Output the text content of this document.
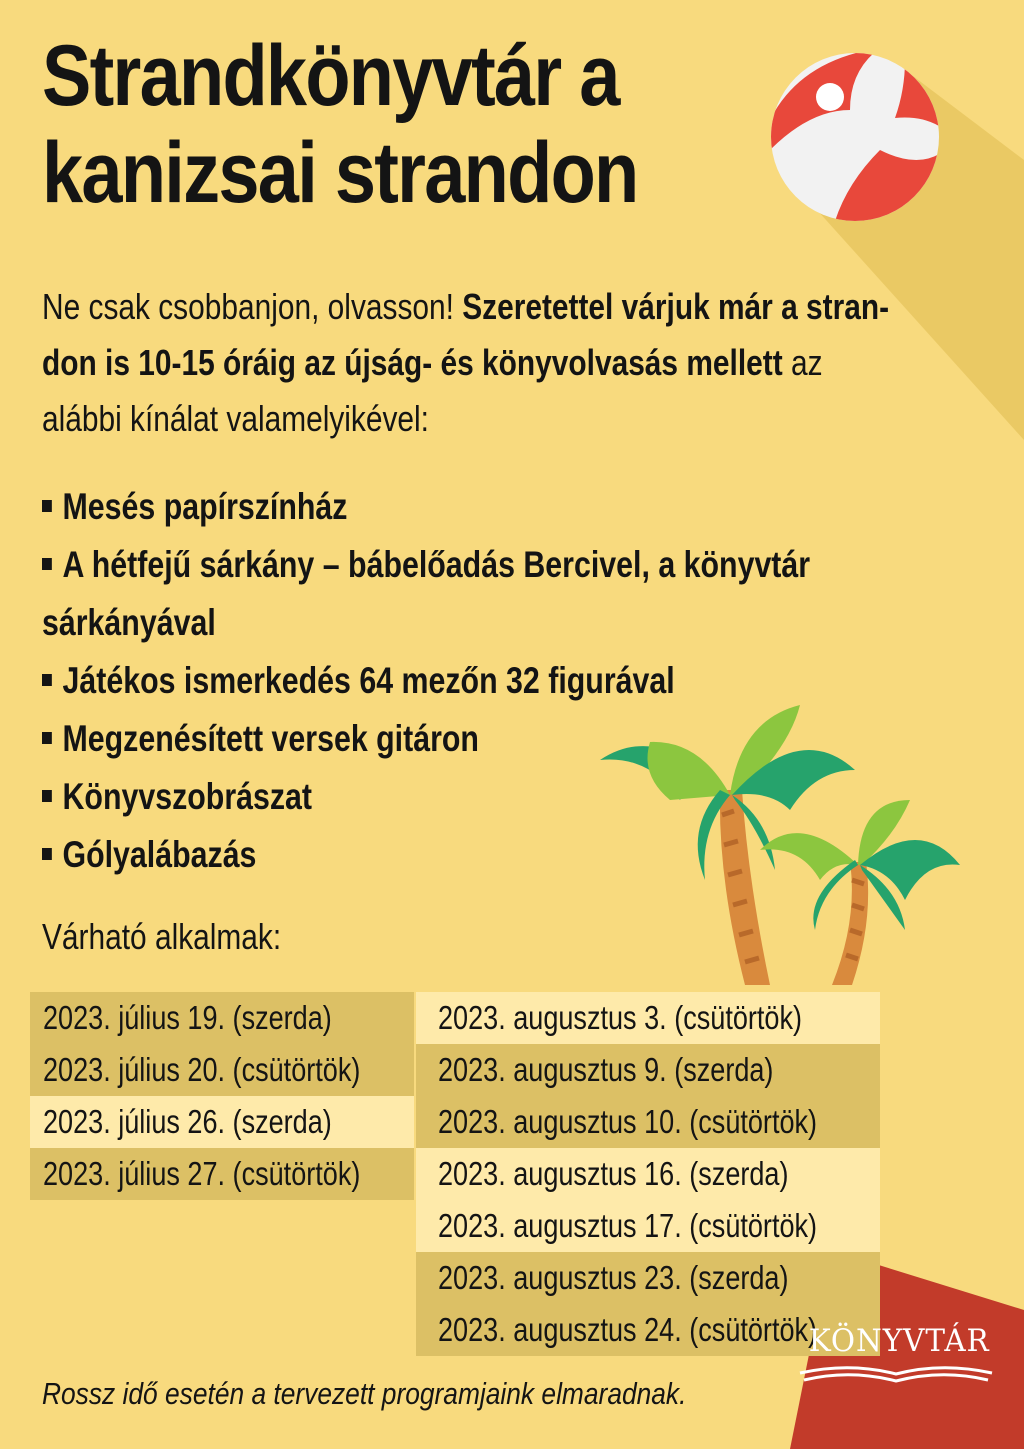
Strandkönyvtár a
kanizsai strandon

Ne csak csobbanjon, olvasson! Szeretettel várjuk már a stran-

don is 10-15 óráig az újság- és könyvolvasás mellett az

alábbi kínálat valamelyikével:

Mesés papírszínház
A hétfejű sárkány – bábelőadás Bercivel, a könyvtár
sárkányával
Játékos ismerkedés 64 mezőn 32 figurával
Megzenésített versek gitáron
Könyvszobrászat
Gólyalábazás
Várható alkalmak:
2023. július 19. (szerda)
2023. július 20. (csütörtök)
2023. július 26. (szerda)
2023. július 27. (csütörtök)
2023. augusztus 3. (csütörtök)
2023. augusztus 9. (szerda)
2023. augusztus 10. (csütörtök)
2023. augusztus 16. (szerda)
2023. augusztus 17. (csütörtök)
2023. augusztus 23. (szerda)
2023. augusztus 24. (csütörtök)
Rossz idő esetén a tervezett programjaink elmaradnak.
KÖNYVTÁR
